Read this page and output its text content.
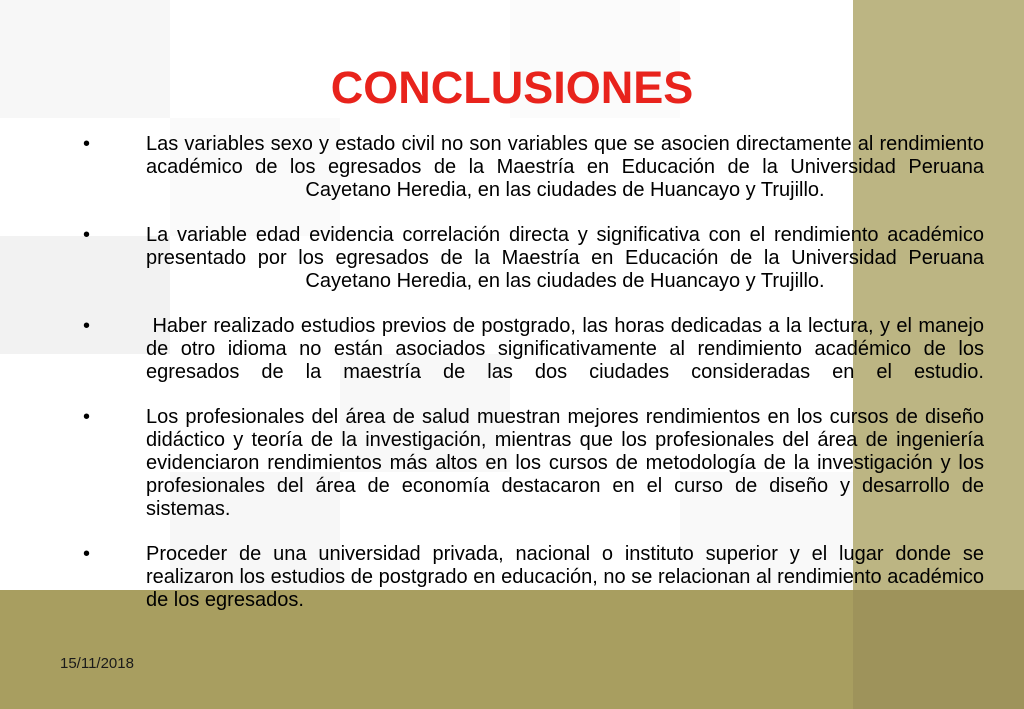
CONCLUSIONES
•	Las variables sexo y estado civil no son variables que se asocien directamente al rendimiento académico de los egresados de la Maestría en Educación de la Universidad Peruana Cayetano Heredia, en las ciudades de Huancayo y Trujillo.
•	La variable edad evidencia correlación directa y significativa con el rendimiento académico presentado por los egresados de la Maestría en Educación de la Universidad Peruana Cayetano Heredia, en las ciudades de Huancayo y Trujillo.
•	Haber realizado estudios previos de postgrado, las horas dedicadas a la lectura, y el manejo de otro idioma no están asociados significativamente al rendimiento académico de los egresados de la maestría de las dos ciudades consideradas en el estudio.
•	Los profesionales del área de salud muestran mejores rendimientos en los cursos de diseño didáctico y teoría de la investigación, mientras que los profesionales del área de ingeniería evidenciaron rendimientos más altos en los cursos de metodología de la investigación y los profesionales del área de economía destacaron en el curso de diseño y desarrollo de sistemas.
•	Proceder de una universidad privada, nacional o instituto superior y el lugar donde se realizaron los estudios de postgrado en educación, no se relacionan al rendimiento académico de los egresados.
15/11/2018
